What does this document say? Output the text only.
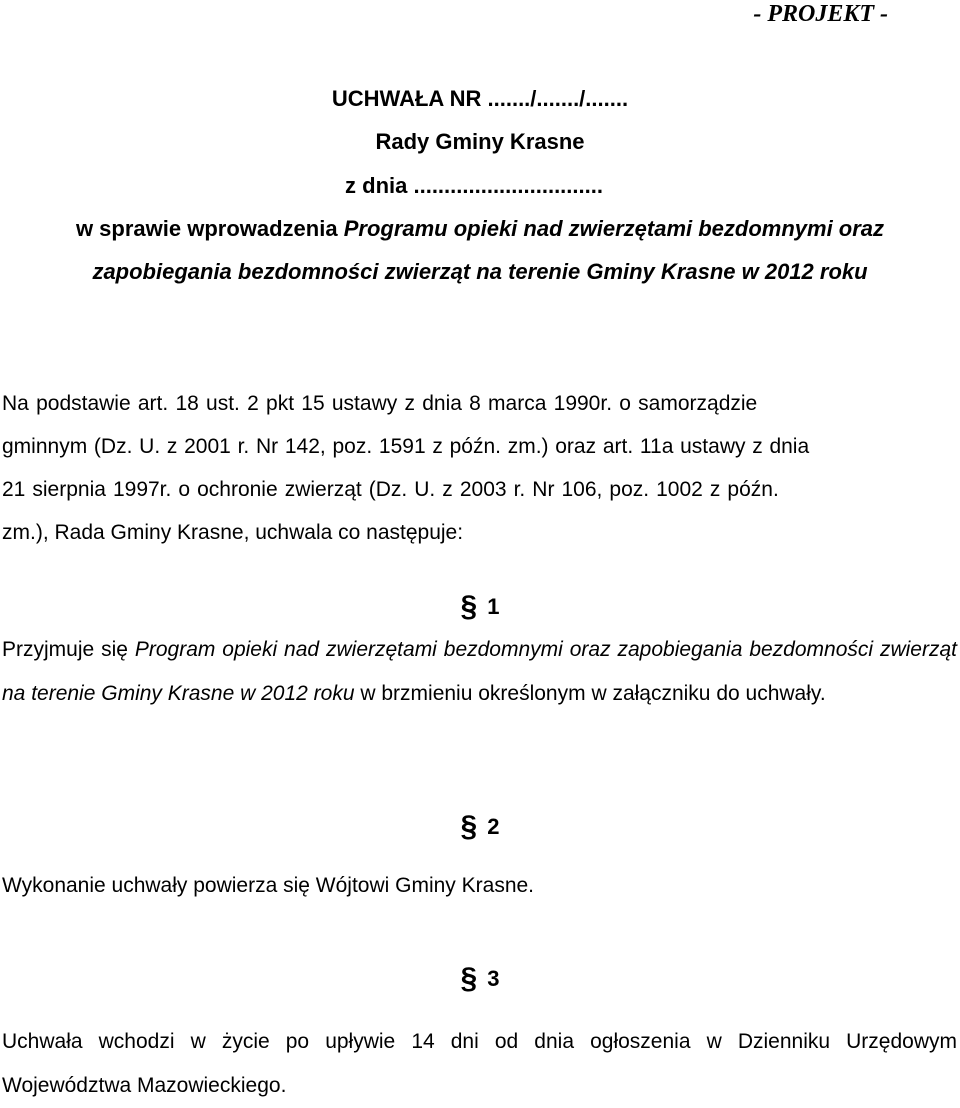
- PROJEKT -
UCHWAŁA NR ......./......./.......
Rady Gminy Krasne
z dnia ...............................
w sprawie wprowadzenia Programu opieki nad zwierzętami bezdomnymi oraz
zapobiegania bezdomności zwierząt na terenie Gminy Krasne w 2012 roku
Na podstawie art. 18 ust. 2 pkt 15 ustawy z dnia 8 marca 1990r. o samorządzie
gminnym (Dz. U. z 2001 r. Nr 142, poz. 1591 z późn. zm.) oraz art. 11a ustawy z dnia
21 sierpnia 1997r. o ochronie zwierząt (Dz. U. z 2003 r. Nr 106, poz. 1002 z późn.
zm.), Rada Gminy Krasne, uchwala co następuje:
§ 1
Przyjmuje się Program opieki nad zwierzętami bezdomnymi oraz zapobiegania bezdomności zwierząt na terenie Gminy Krasne w 2012 roku w brzmieniu określonym w załączniku do uchwały.
§ 2
Wykonanie uchwały powierza się Wójtowi Gminy Krasne.
§ 3
Uchwała wchodzi w życie po upływie 14 dni od dnia ogłoszenia w Dzienniku Urzędowym Województwa Mazowieckiego.
